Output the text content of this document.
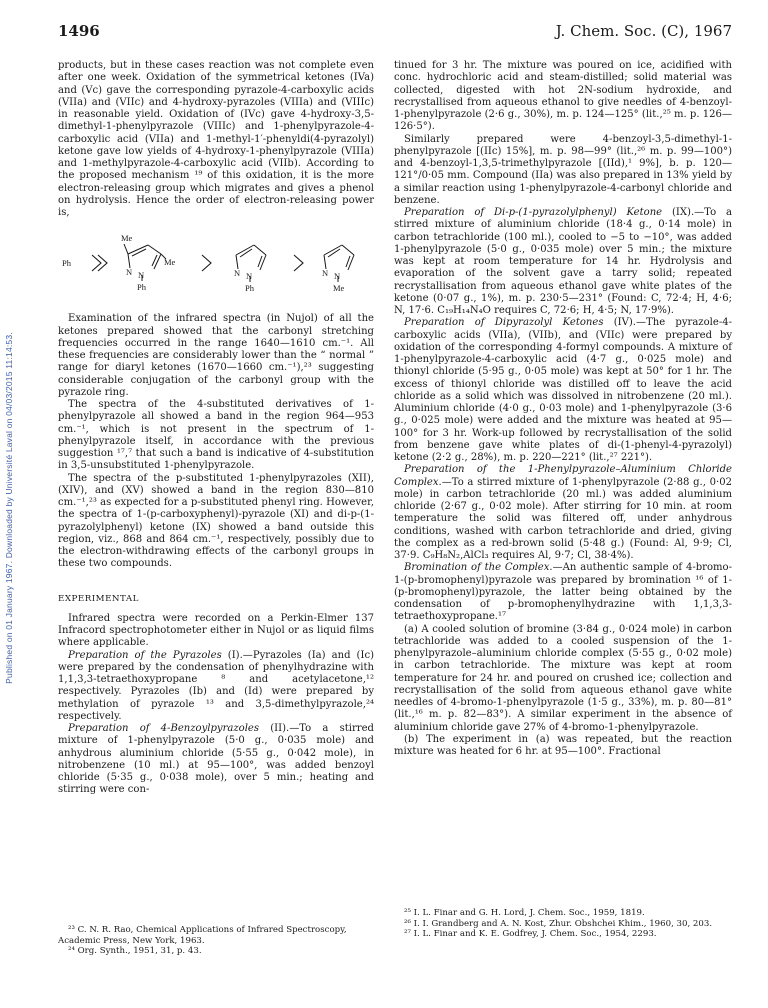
Published on 01 January 1967. Downloaded by Université Laval on 04/03/2015 11:14:53.
1496	J. Chem. Soc. (C), 1967

products, but in these cases reaction was not complete even after one week. Oxidation of the symmetrical ketones (IVa) and (Vc) gave the corresponding pyrazole-4-carboxylic acids (VIIa) and (VIIc) and 4-hydroxy-pyrazoles (VIIIa) and (VIIIc) in reasonable yield. Oxidation of (IVc) gave 4-hydroxy-3,5-dimethyl-1-phenylpyrazole (VIIIc) and 1-phenylpyrazole-4-carboxylic acid (VIIa) and 1-methyl-1′-phenyldi(4-pyrazolyl) ketone gave low yields of 4-hydroxy-1-phenylpyrazole (VIIIa) and 1-methylpyrazole-4-carboxylic acid (VIIb). According to the proposed mechanism ¹⁹ of this oxidation, it is the more electron-releasing group which migrates and gives a phenol on hydrolysis. Hence the order of electron-releasing power is,

Ph
Me
Me
N N
Ph
N N
Ph
N N
Me

Examination of the infrared spectra (in Nujol) of all the ketones prepared showed that the carbonyl stretching frequencies occurred in the range 1640—1610 cm.⁻¹. All these frequencies are considerably lower than the “ normal ” range for diaryl ketones (1670—1660 cm.⁻¹),²³ suggesting considerable conjugation of the carbonyl group with the pyrazole ring.

The spectra of the 4-substituted derivatives of 1-phenylpyrazole all showed a band in the region 964—953 cm.⁻¹, which is not present in the spectrum of 1-phenylpyrazole itself, in accordance with the previous suggestion ¹⁷,⁷ that such a band is indicative of 4-substitution in 3,5-unsubstituted 1-phenylpyrazole.

The spectra of the p-substituted 1-phenylpyrazoles (XII), (XIV), and (XV) showed a band in the region 830—810 cm.⁻¹,²³ as expected for a p-substituted phenyl ring. However, the spectra of 1-(p-carboxyphenyl)-pyrazole (XI) and di-p-(1-pyrazolylphenyl) ketone (IX) showed a band outside this region, viz., 868 and 864 cm.⁻¹, respectively, possibly due to the electron-withdrawing effects of the carbonyl groups in these two compounds.

EXPERIMENTAL

Infrared spectra were recorded on a Perkin-Elmer 137 Infracord spectrophotometer either in Nujol or as liquid films where applicable.

Preparation of the Pyrazoles (I).—Pyrazoles (Ia) and (Ic) were prepared by the condensation of phenylhydrazine with 1,1,3,3-tetraethoxypropane ⁸ and acetylacetone,¹² respectively. Pyrazoles (Ib) and (Id) were prepared by methylation of pyrazole ¹³ and 3,5-dimethylpyrazole,²⁴ respectively.

Preparation of 4-Benzoylpyrazoles (II).—To a stirred mixture of 1-phenylpyrazole (5·0 g., 0·035 mole) and anhydrous aluminium chloride (5·55 g., 0·042 mole), in nitrobenzene (10 ml.) at 95—100°, was added benzoyl chloride (5·35 g., 0·038 mole), over 5 min.; heating and stirring were con-

²³ C. N. R. Rao, Chemical Applications of Infrared Spectroscopy, Academic Press, New York, 1963.

²⁴ Org. Synth., 1951, 31, p. 43.

tinued for 3 hr. The mixture was poured on ice, acidified with conc. hydrochloric acid and steam-distilled; solid material was collected, digested with hot 2N-sodium hydroxide, and recrystallised from aqueous ethanol to give needles of 4-benzoyl-1-phenylpyrazole (2·6 g., 30%), m. p. 124—125° (lit.,²⁵ m. p. 126—126·5°).

Similarly prepared were 4-benzoyl-3,5-dimethyl-1-phenylpyrazole [(IIc) 15%], m. p. 98—99° (lit.,²⁶ m. p. 99—100°) and 4-benzoyl-1,3,5-trimethylpyrazole [(IId),¹ 9%], b. p. 120—121°/0·05 mm. Compound (IIa) was also prepared in 13% yield by a similar reaction using 1-phenylpyrazole-4-carbonyl chloride and benzene.

Preparation of Di-p-(1-pyrazolylphenyl) Ketone (IX).—To a stirred mixture of aluminium chloride (18·4 g., 0·14 mole) in carbon tetrachloride (100 ml.), cooled to −5 to −10°, was added 1-phenylpyrazole (5·0 g., 0·035 mole) over 5 min.; the mixture was kept at room temperature for 14 hr. Hydrolysis and evaporation of the solvent gave a tarry solid; repeated recrystallisation from aqueous ethanol gave white plates of the ketone (0·07 g., 1%), m. p. 230·5—231° (Found: C, 72·4; H, 4·6; N, 17·6. C₁₉H₁₄N₄O requires C, 72·6; H, 4·5; N, 17·9%).

Preparation of Dipyrazolyl Ketones (IV).—The pyrazole-4-carboxylic acids (VIIa), (VIIb), and (VIIc) were prepared by oxidation of the corresponding 4-formyl compounds. A mixture of 1-phenylpyrazole-4-carboxylic acid (4·7 g., 0·025 mole) and thionyl chloride (5·95 g., 0·05 mole) was kept at 50° for 1 hr. The excess of thionyl chloride was distilled off to leave the acid chloride as a solid which was dissolved in nitrobenzene (20 ml.). Aluminium chloride (4·0 g., 0·03 mole) and 1-phenylpyrazole (3·6 g., 0·025 mole) were added and the mixture was heated at 95—100° for 3 hr. Work-up followed by recrystallisation of the solid from benzene gave white plates of di-(1-phenyl-4-pyrazolyl) ketone (2·2 g., 28%), m. p. 220—221° (lit.,²⁷ 221°).

Preparation of the 1-Phenylpyrazole–Aluminium Chloride Complex.—To a stirred mixture of 1-phenylpyrazole (2·88 g., 0·02 mole) in carbon tetrachloride (20 ml.) was added aluminium chloride (2·67 g., 0·02 mole). After stirring for 10 min. at room temperature the solid was filtered off, under anhydrous conditions, washed with carbon tetrachloride and dried, giving the complex as a red-brown solid (5·48 g.) (Found: Al, 9·9; Cl, 37·9. C₉H₈N₂,AlCl₃ requires Al, 9·7; Cl, 38·4%).

Bromination of the Complex.—An authentic sample of 4-bromo-1-(p-bromophenyl)pyrazole was prepared by bromination ¹⁶ of 1-(p-bromophenyl)pyrazole, the latter being obtained by the condensation of p-bromophenylhydrazine with 1,1,3,3-tetraethoxypropane.¹⁷

(a) A cooled solution of bromine (3·84 g., 0·024 mole) in carbon tetrachloride was added to a cooled suspension of the 1-phenylpyrazole–aluminium chloride complex (5·55 g., 0·02 mole) in carbon tetrachloride. The mixture was kept at room temperature for 24 hr. and poured on crushed ice; collection and recrystallisation of the solid from aqueous ethanol gave white needles of 4-bromo-1-phenylpyrazole (1·5 g., 33%), m. p. 80—81° (lit.,¹⁶ m. p. 82—83°). A similar experiment in the absence of aluminium chloride gave 27% of 4-bromo-1-phenylpyrazole.

(b) The experiment in (a) was repeated, but the reaction mixture was heated for 6 hr. at 95—100°. Fractional

²⁵ I. L. Finar and G. H. Lord, J. Chem. Soc., 1959, 1819.

²⁶ I. I. Grandberg and A. N. Kost, Zhur. Obshchei Khim., 1960, 30, 203.

²⁷ I. L. Finar and K. E. Godfrey, J. Chem. Soc., 1954, 2293.
